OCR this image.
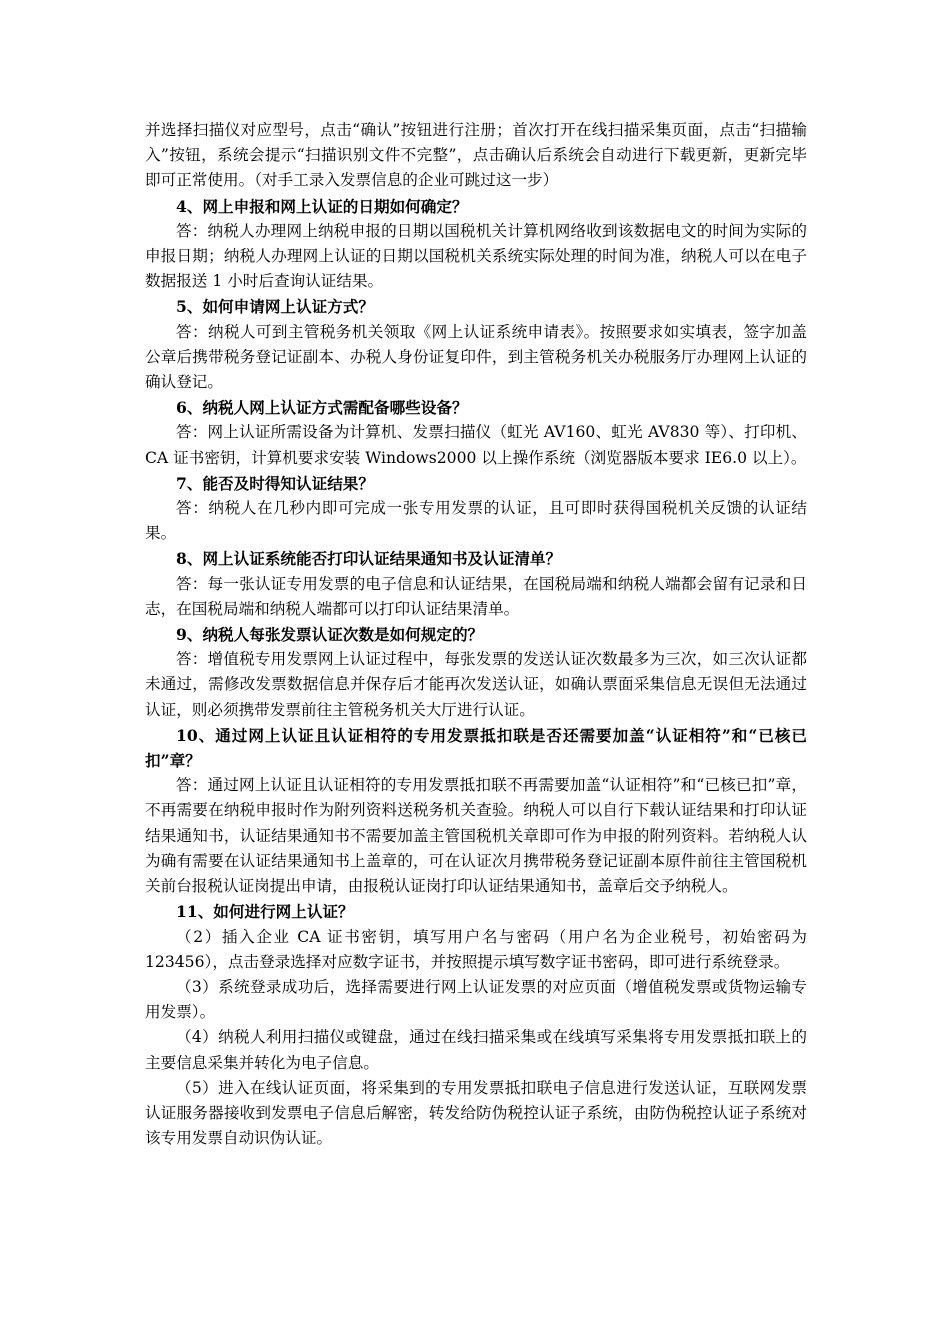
并选择扫描仪对应型号，点击“确认”按钮进行注册；首次打开在线扫描采集页面，点击“扫描输入”按钮，系统会提示“扫描识别文件不完整”，点击确认后系统会自动进行下载更新，更新完毕即可正常使用。（对手工录入发票信息的企业可跳过这一步）

4、网上申报和网上认证的日期如何确定？

答：纳税人办理网上纳税申报的日期以国税机关计算机网络收到该数据电文的时间为实际的申报日期；纳税人办理网上认证的日期以国税机关系统实际处理的时间为准，纳税人可以在电子数据报送 1 小时后查询认证结果。

5、如何申请网上认证方式？

答：纳税人可到主管税务机关领取《网上认证系统申请表》。按照要求如实填表，签字加盖公章后携带税务登记证副本、办税人身份证复印件，到主管税务机关办税服务厅办理网上认证的确认登记。

6、纳税人网上认证方式需配备哪些设备？

答：网上认证所需设备为计算机、发票扫描仪（虹光 AV160、虹光 AV830 等）、打印机、CA 证书密钥，计算机要求安装 Windows2000 以上操作系统（浏览器版本要求 IE6.0 以上）。

7、能否及时得知认证结果？

答：纳税人在几秒内即可完成一张专用发票的认证，且可即时获得国税机关反馈的认证结果。

8、网上认证系统能否打印认证结果通知书及认证清单？

答：每一张认证专用发票的电子信息和认证结果，在国税局端和纳税人端都会留有记录和日志，在国税局端和纳税人端都可以打印认证结果清单。

9、纳税人每张发票认证次数是如何规定的？

答：增值税专用发票网上认证过程中，每张发票的发送认证次数最多为三次，如三次认证都未通过，需修改发票数据信息并保存后才能再次发送认证，如确认票面采集信息无误但无法通过认证，则必须携带发票前往主管税务机关大厅进行认证。

10、通过网上认证且认证相符的专用发票抵扣联是否还需要加盖“认证相符”和“已核已扣”章？

答：通过网上认证且认证相符的专用发票抵扣联不再需要加盖“认证相符”和“已核已扣”章，不再需要在纳税申报时作为附列资料送税务机关查验。纳税人可以自行下载认证结果和打印认证结果通知书，认证结果通知书不需要加盖主管国税机关章即可作为申报的附列资料。若纳税人认为确有需要在认证结果通知书上盖章的，可在认证次月携带税务登记证副本原件前往主管国税机关前台报税认证岗提出申请，由报税认证岗打印认证结果通知书，盖章后交予纳税人。

11、如何进行网上认证？

（2）插入企业 CA 证书密钥，填写用户名与密码（用户名为企业税号，初始密码为 123456），点击登录选择对应数字证书，并按照提示填写数字证书密码，即可进行系统登录。

（3）系统登录成功后，选择需要进行网上认证发票的对应页面（增值税发票或货物运输专用发票）。

（4）纳税人利用扫描仪或键盘，通过在线扫描采集或在线填写采集将专用发票抵扣联上的主要信息采集并转化为电子信息。

（5）进入在线认证页面，将采集到的专用发票抵扣联电子信息进行发送认证，互联网发票认证服务器接收到发票电子信息后解密，转发给防伪税控认证子系统，由防伪税控认证子系统对该专用发票自动识伪认证。
